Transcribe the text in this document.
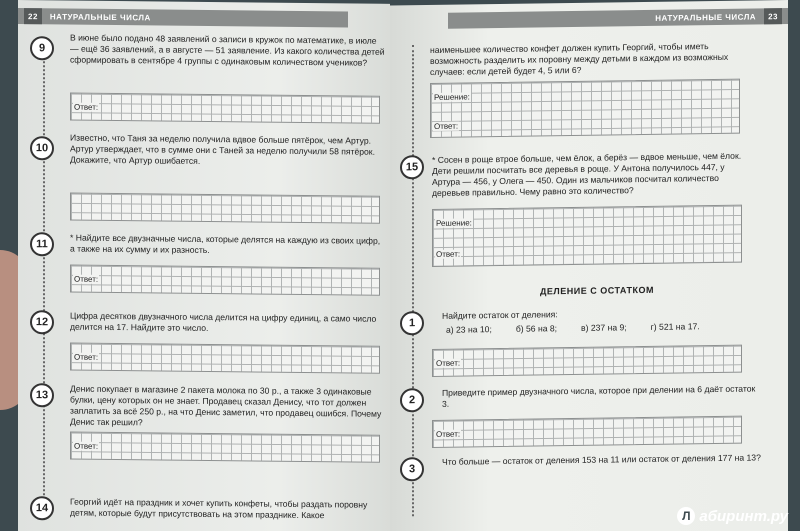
22	НАТУРАЛЬНЫЕ ЧИСЛА
9
В июне было подано 48 заявлений о записи в кружок по математике, в июле — ещё 36 заявлений, а в августе — 51 заявление. Из какого количества детей сформировать в сентябре 4 группы с одинаковым количеством учеников?
Ответ:
10
Известно, что Таня за неделю получила вдвое больше пятёрок, чем Артур. Артур утверждает, что в сумме они с Таней за неделю получили 58 пятёрок. Докажите, что Артур ошибается.
11	* Найдите все двузначные числа, которые делятся на каждую из своих цифр, а также на их сумму и их разность.
Ответ:
12	Цифра десятков двузначного числа делится на цифру единиц, а само число делится на 17. Найдите это число.
Ответ:
13	Денис покупает в магазине 2 пакета молока по 30 р., а также 3 одинаковые булки, цену которых он не знает. Продавец сказал Денису, что тот должен заплатить за всё 250 р., на что Денис заметил, что продавец ошибся. Почему Денис так решил?
Ответ:
14	Георгий идёт на праздник и хочет купить конфеты, чтобы раздать поровну детям, которые будут присутствовать на этом празднике. Какое
НАТУРАЛЬНЫЕ ЧИСЛА	23
наименьшее количество конфет должен купить Георгий, чтобы иметь возможность разделить их поровну между детьми в каждом из возможных случаев: если детей будет 4, 5 или 6?
Решение:
Ответ:
15
* Сосен в роще втрое больше, чем ёлок, а берёз — вдвое меньше, чем ёлок. Дети решили посчитать все деревья в роще. У Антона получилось 447, у Артура — 456, у Олега — 450. Один из мальчиков посчитал количество деревьев правильно. Чему равно это количество?
Решение:
Ответ:
ДЕЛЕНИЕ С ОСТАТКОМ
1
Найдите остаток от деления:
а) 23 на 10;	б) 56 на 8;	в) 237 на 9;	г) 521 на 17.
Ответ:
2
Приведите пример двузначного числа, которое при делении на 6 даёт остаток 3.
Ответ:
3
Что больше — остаток от деления 153 на 11 или остаток от деления 177 на 13?
Л абиринт.ру
